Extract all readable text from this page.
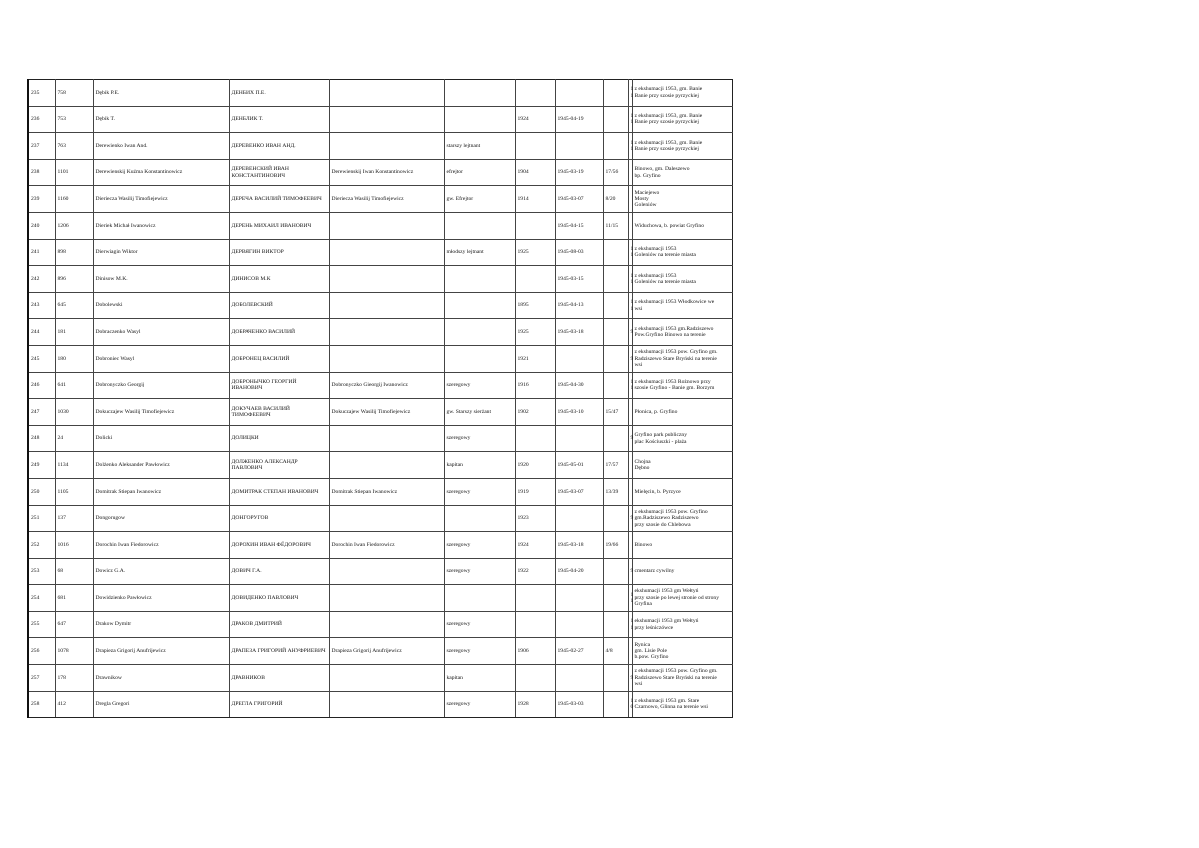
235	758	Dębik P.E.	ДЕНБИХ П.Е.						11	z ekshumacji 1953, gm. Banie
Banie przy szosie pyrzyckiej
236	753	Dębik T.	ДЕНБЛИК Т.			1924	1945-04-19		11	z ekshumacji 1953, gm. Banie
Banie przy szosie pyrzyckiej
237	763	Derewienko Iwan And.	ДЕРЕВЕНКО ИВАН АНД.		starszy lejtnant				11	z ekshumacji 1953, gm. Banie
Banie przy szosie pyrzyckiej
238	1101	Derewienskij Kuźma Konstantinowicz	ДЕРЕВЕНСКИЙ ИВАН
КОНСТАНТИНОВИЧ	Derewienskij Iwan Konstantinowicz	efrejtor	1904	1945-03-19	17/56		Binowo, gm. Daleszewo
bp. Gryfino
239	1160	Dieriecza Wasilij Timofiejewicz	ДЕРЕЧА ВАСИЛИЙ ТИМОФЕЕВИЧ	Dieriecza Wasilij Timofiejewicz	gw. Efrejtor	1914	1945-03-07	8/20		Maciejewo
Mosty
Goleniów
240	1206	Dieriek Michał Iwanowicz	ДЕРЕНЬ МИХАИЛ ИВАНОВИЧ				1945-04-15	11/15		Widuchowa, b. powiat Gryfino
241	898	Dierwiagin Wiktor	ДЕРВЯГИН ВИКТОР		młodszy lejtnant	1925	1945-08-03		11	z ekshumacji 1953
Goleniów na terenie miasta
242	896	Dinisow M.K.	ДИНИСОВ М.К				1945-03-15		11	z ekshumacji 1953
Goleniów na terenie miasta
243	645	Dobolewski	ДОБОЛЕВСКИЙ			1895	1945-04-13		11	z ekshumacji 1953 Włodkowice we
wsi
244	181	Dobraczenko Wasyl	ДОБРАЧЕНКО ВАСИЛИЙ			1925	1945-03-18		9	z ekshumacji 1953 gm.Radziszewo
Pow.Gryfino Binowo na terenie
245	180	Dobroniec Wasyl	ДОБРОНЕЦ ВАСИЛИЙ			1921			9	z ekshumacji 1953 pow. Gryfino gm.
Radziszewo Stare Bryński na terenie
wsi
246	641	Dobronyczko Georgij	ДОБРОНЫЧКО ГЕОРГИЙ ИВАНОВИЧ	Dobronyczko Gieorgij Iwanowicz	szeregowy	1916	1945-04-30		11	z ekshumacji 1953 Rożnowo przy
szosie Gryfino - Banie gm. Borzym
247	1030	Dokuczajew Wasilij Timofiejewicz	ДОКУЧАЕВ ВАСИЛИЙ
ТИМОФЕЕВИЧ	Dokuczajew Wasilij Timofiejewicz	gw. Starszy sierżant	1902	1945-03-10	15/47		Płonica, p. Gryfino
248	24	Dolicki	ДОЛИЦКИ		szeregowy				9	Gryfino park publiczny
plac Kościuszki - plaża
249	1134	Dolżenko Aleksander Pawłowicz	ДОЛЖЕНКО АЛЕКСАНДР ПАВЛОВИЧ		kapitan	1920	1945-05-01	17/57		Chojna
Dębno
250	1105	Domitrak Stiepan Iwanowicz	ДОМИТРАК СТЕПАН ИВАНОВИЧ	Domitrak Stiepan Iwanowicz	szeregowy	1919	1945-03-07	13/39		Mielęcin, b. Pyrzyce
251	137	Dongorugow	ДОНГОРУГОВ			1923			9	z ekshumacji 1953 pow. Gryfino
gm.Radziszewo Radziszewo
przy szosie do Chlebowa
252	1016	Dorochin Iwan Fiedorowicz	ДОРОХИН ИВАН ФЁДОРОВИЧ	Dorochin Iwan Fiedorowicz	szeregowy	1924	1945-03-18	19/66		Binowo
253	68	Dowicz G.A.	ДОВИЧ Г.А.		szeregowy	1922	1945-04-20		9	cmentarz cywilny
254	681	Dowidzienko Pawłowicz	ДОВИДЕНКО ПАВЛОВИЧ						11	ekshumacji 1953 gm Wełtyń
przy szosie po lewej stronie od strony
Gryfina
255	647	Drakow Dymitr	ДРАКОВ ДМИТРИЙ		szeregowy				11	ekshumacji 1953 gm Wełtyń
przy leśniczówce
256	1078	Drapieza Grigorij Anufrijewicz	ДРАПЕЗА ГРИГОРИЙ АНУФРИЕВИЧ	Drapieza Grigorij Anufrijewicz	szeregowy	1906	1945-02-27	4/8		Rynica
gm. Lisie Pole
b.pow. Gryfino
257	178	Drawnikow	ДРАВНИКОВ		kapitan				9	z ekshumacji 1953 pow. Gryfino gm.
Radziszewo Stare Bryński na terenie
wsi
258	412	Dregla Gregori	ДРЕГЛА ГРИГОРИЙ		szeregowy	1928	1945-03-03		10	z ekshumacji 1953 gm. Stare
Czarnowo, Glinna na terenie wsi
